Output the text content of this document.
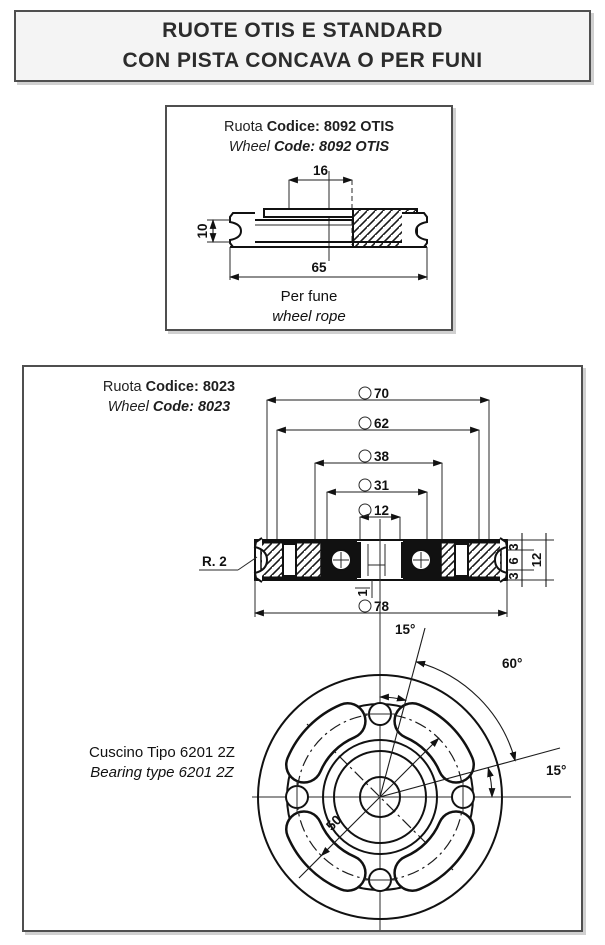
RUOTE OTIS E STANDARD
CON PISTA CONCAVA O PER FUNI
16
10
65
Ruota Codice: 8092 OTIS
Wheel Code: 8092 OTIS
Per fune
wheel rope
70
62
38
31
12
R. 2
3
6 12
3
1
78
15°
60°
15°
50
Ruota Codice: 8023
Wheel Code: 8023
Cuscino Tipo 6201 2Z
Bearing type 6201 2Z
